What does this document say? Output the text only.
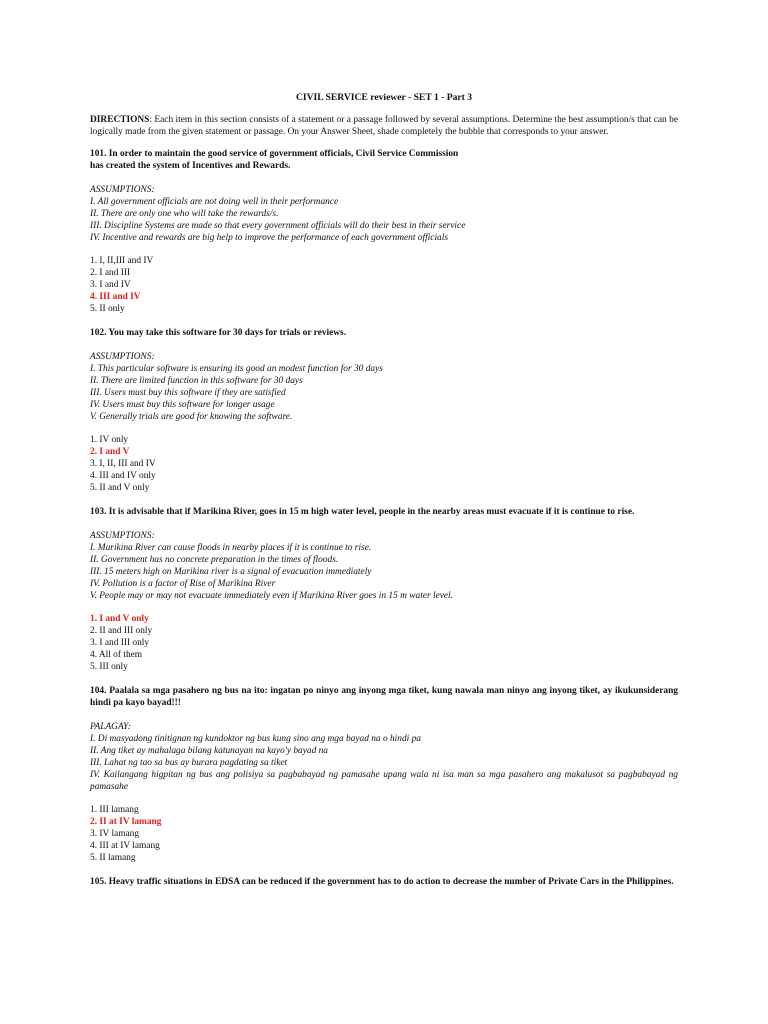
CIVIL SERVICE reviewer - SET 1 - Part 3
DIRECTIONS: Each item in this section consists of a statement or a passage followed by several assumptions. Determine the best assumption/s that can be logically made from the given statement or passage. On your Answer Sheet, shade completely the bubble that corresponds to your answer.
101. In order to maintain the good service of government officials, Civil Service Commission
has created the system of Incentives and Rewards.
ASSUMPTIONS:
I. All government officials are not doing well in their performance
II. There are only one who will take the rewards/s.
III. Discipline Systems are made so that every government officials will do their best in their service
IV. Incentive and rewards are big help to improve the performance of each government officials
1. I, II,III and IV
2. I and III
3. I and IV
4. III and IV
5. II only
102. You may take this software for 30 days for trials or reviews.
ASSUMPTIONS:
I. This particular software is ensuring its good an modest function for 30 days
II. There are limited function in this software for 30 days
III. Users must buy this software if they are satisfied
IV. Users must buy this software for longer usage
V. Generally trials are good for knowing the software.
1. IV only
2. I and V
3. I, II, III and IV
4. III and IV only
5. II and V only
103. It is advisable that if Marikina River, goes in 15 m high water level, people in the nearby areas must evacuate if it is continue to rise.
ASSUMPTIONS:
I. Marikina River can cause floods in nearby places if it is continue to rise.
II. Government has no concrete preparation in the times of floods.
III. 15 meters high on Marikina river is a signal of evacuation immediately
IV. Pollution is a factor of Rise of Marikina River
V. People may or may not evacuate immediately even if Marikina River goes in 15 m water level.
1. I and V only
2. II and III only
3. I and III only
4. All of them
5. III only
104. Paalala sa mga pasahero ng bus na ito: ingatan po ninyo ang inyong mga tiket, kung nawala man ninyo ang inyong tiket, ay ikukunsiderang hindi pa kayo bayad!!!
PALAGAY:
I. Di masyadong tinitignan ng kundoktor ng bus kung sino ang mga bayad na o hindi pa
II. Ang tiket ay mahalaga bilang katunayan na kayo'y bayad na
III. Lahat ng tao sa bus ay burara pagdating sa tiket
IV. Kailangang higpitan ng bus ang polisiya sa pagbabayad ng pamasahe upang wala ni isa man sa mga pasahero ang makalusot sa pagbabayad ng pamasahe
1. III lamang
2. II at IV lamang
3. IV lamang
4. III at IV lamang
5. II lamang
105. Heavy traffic situations in EDSA can be reduced if the government has to do action to decrease the number of Private Cars in the Philippines.
